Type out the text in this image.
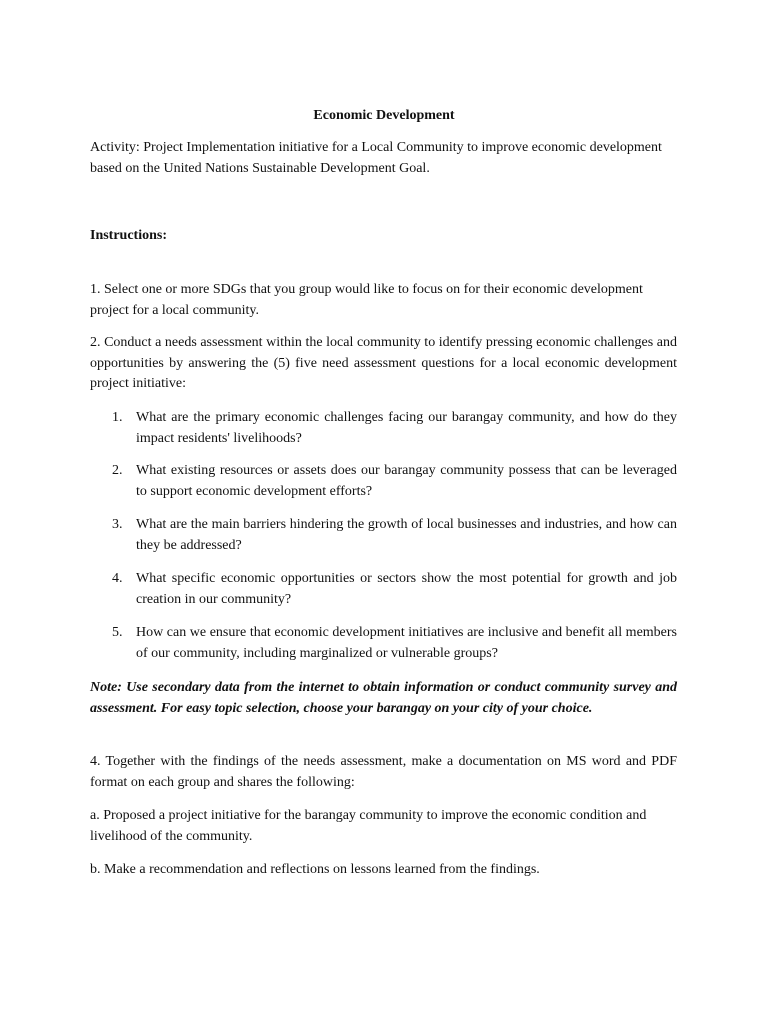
Economic Development

Activity: Project Implementation initiative for a Local Community to improve economic development based on the United Nations Sustainable Development Goal.

Instructions:

1. Select one or more SDGs that you group would like to focus on for their economic development project for a local community.

2. Conduct a needs assessment within the local community to identify pressing economic challenges and opportunities by answering the (5) five need assessment questions for a local economic development project initiative:

1. What are the primary economic challenges facing our barangay community, and how do they impact residents' livelihoods?
2. What existing resources or assets does our barangay community possess that can be leveraged to support economic development efforts?
3. What are the main barriers hindering the growth of local businesses and industries, and how can they be addressed?
4. What specific economic opportunities or sectors show the most potential for growth and job creation in our community?
5. How can we ensure that economic development initiatives are inclusive and benefit all members of our community, including marginalized or vulnerable groups?

Note: Use secondary data from the internet to obtain information or conduct community survey and assessment. For easy topic selection, choose your barangay on your city of your choice.

4. Together with the findings of the needs assessment, make a documentation on MS word and PDF format on each group and shares the following:

a. Proposed a project initiative for the barangay community to improve the economic condition and livelihood of the community.

b. Make a recommendation and reflections on lessons learned from the findings.
